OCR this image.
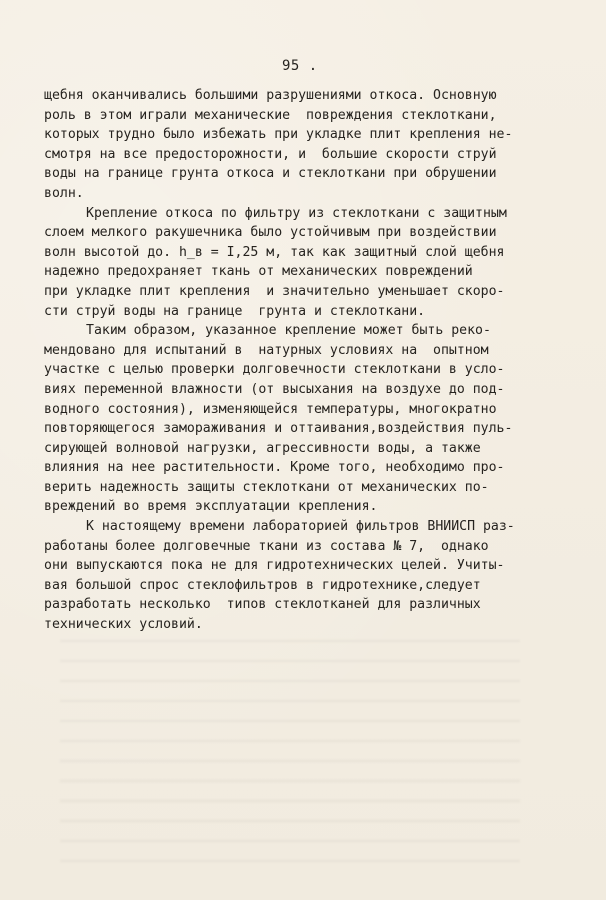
95 .
щебня оканчивались большими разрушениями откоса. Основную
роль в этом играли механические  повреждения стеклоткани,
которых трудно было избежать при укладке плит крепления не-
смотря на все предосторожности, и  большие скорости струй
воды на границе грунта откоса и стеклоткани при обрушении
волн.
Крепление откоса по фильтру из стеклоткани с защитным
слоем мелкого ракушечника было устойчивым при воздействии
волн высотой до. h_в = I,25 м, так как защитный слой щебня
надежно предохраняет ткань от механических повреждений
при укладке плит крепления  и значительно уменьшает скоро-
сти струй воды на границе  грунта и стеклоткани.
Таким образом, указанное крепление может быть реко-
мендовано для испытаний в  натурных условиях на  опытном
участке с целью проверки долговечности стеклоткани в усло-
виях переменной влажности (от высыхания на воздухе до под-
водного состояния), изменяющейся температуры, многократно
повторяющегося замораживания и оттаивания,воздействия пуль-
сирующей волновой нагрузки, агрессивности воды, а также
влияния на нее растительности. Кроме того, необходимо про-
верить надежность защиты стеклоткани от механических по-
вреждений во время эксплуатации крепления.
К настоящему времени лабораторией фильтров ВНИИСП раз-
работаны более долговечные ткани из состава № 7,  однако
они выпускаются пока не для гидротехнических целей. Учиты-
вая большой спрос стеклофильтров в гидротехнике,следует
разработать несколько  типов стеклотканей для различных
технических условий.
